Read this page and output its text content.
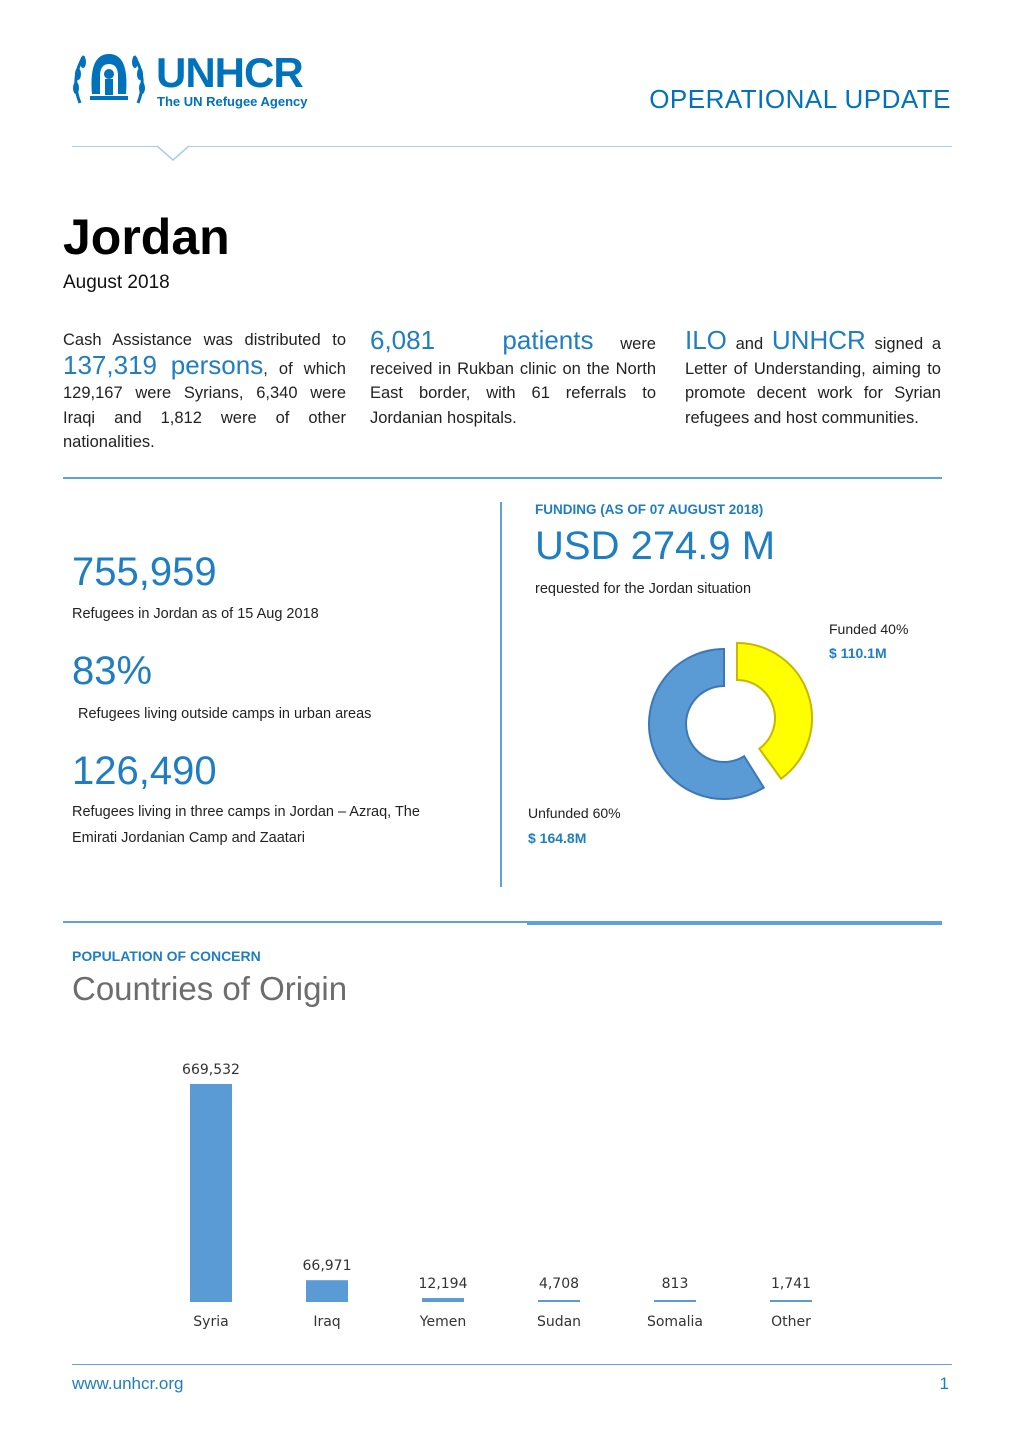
UNHCR
The UN Refugee Agency	OPERATIONAL UPDATE
Jordan
August 2018
Cash Assistance was distributed to 137,319 persons, of which 129,167 were Syrians, 6,340 were Iraqi and 1,812 were of other nationalities.
6,081 patients were received in Rukban clinic on the North East border, with 61 referrals to Jordanian hospitals.
ILO and UNHCR signed a Letter of Understanding, aiming to promote decent work for Syrian refugees and host communities.
755,959
Refugees in Jordan as of 15 Aug 2018
83%
Refugees living outside camps in urban areas
126,490
Refugees living in three camps in Jordan – Azraq, The Emirati Jordanian Camp and Zaatari
FUNDING (AS OF 07 AUGUST 2018)
USD 274.9 M
requested for the Jordan situation
Funded 40%
$ 110.1M
Unfunded 60%
$ 164.8M
POPULATION OF CONCERN
Countries of Origin
669,532
Syria
66,971
Iraq
12,194
Yemen
4,708
Sudan
813
Somalia
1,741
Other
www.unhcr.org	1
